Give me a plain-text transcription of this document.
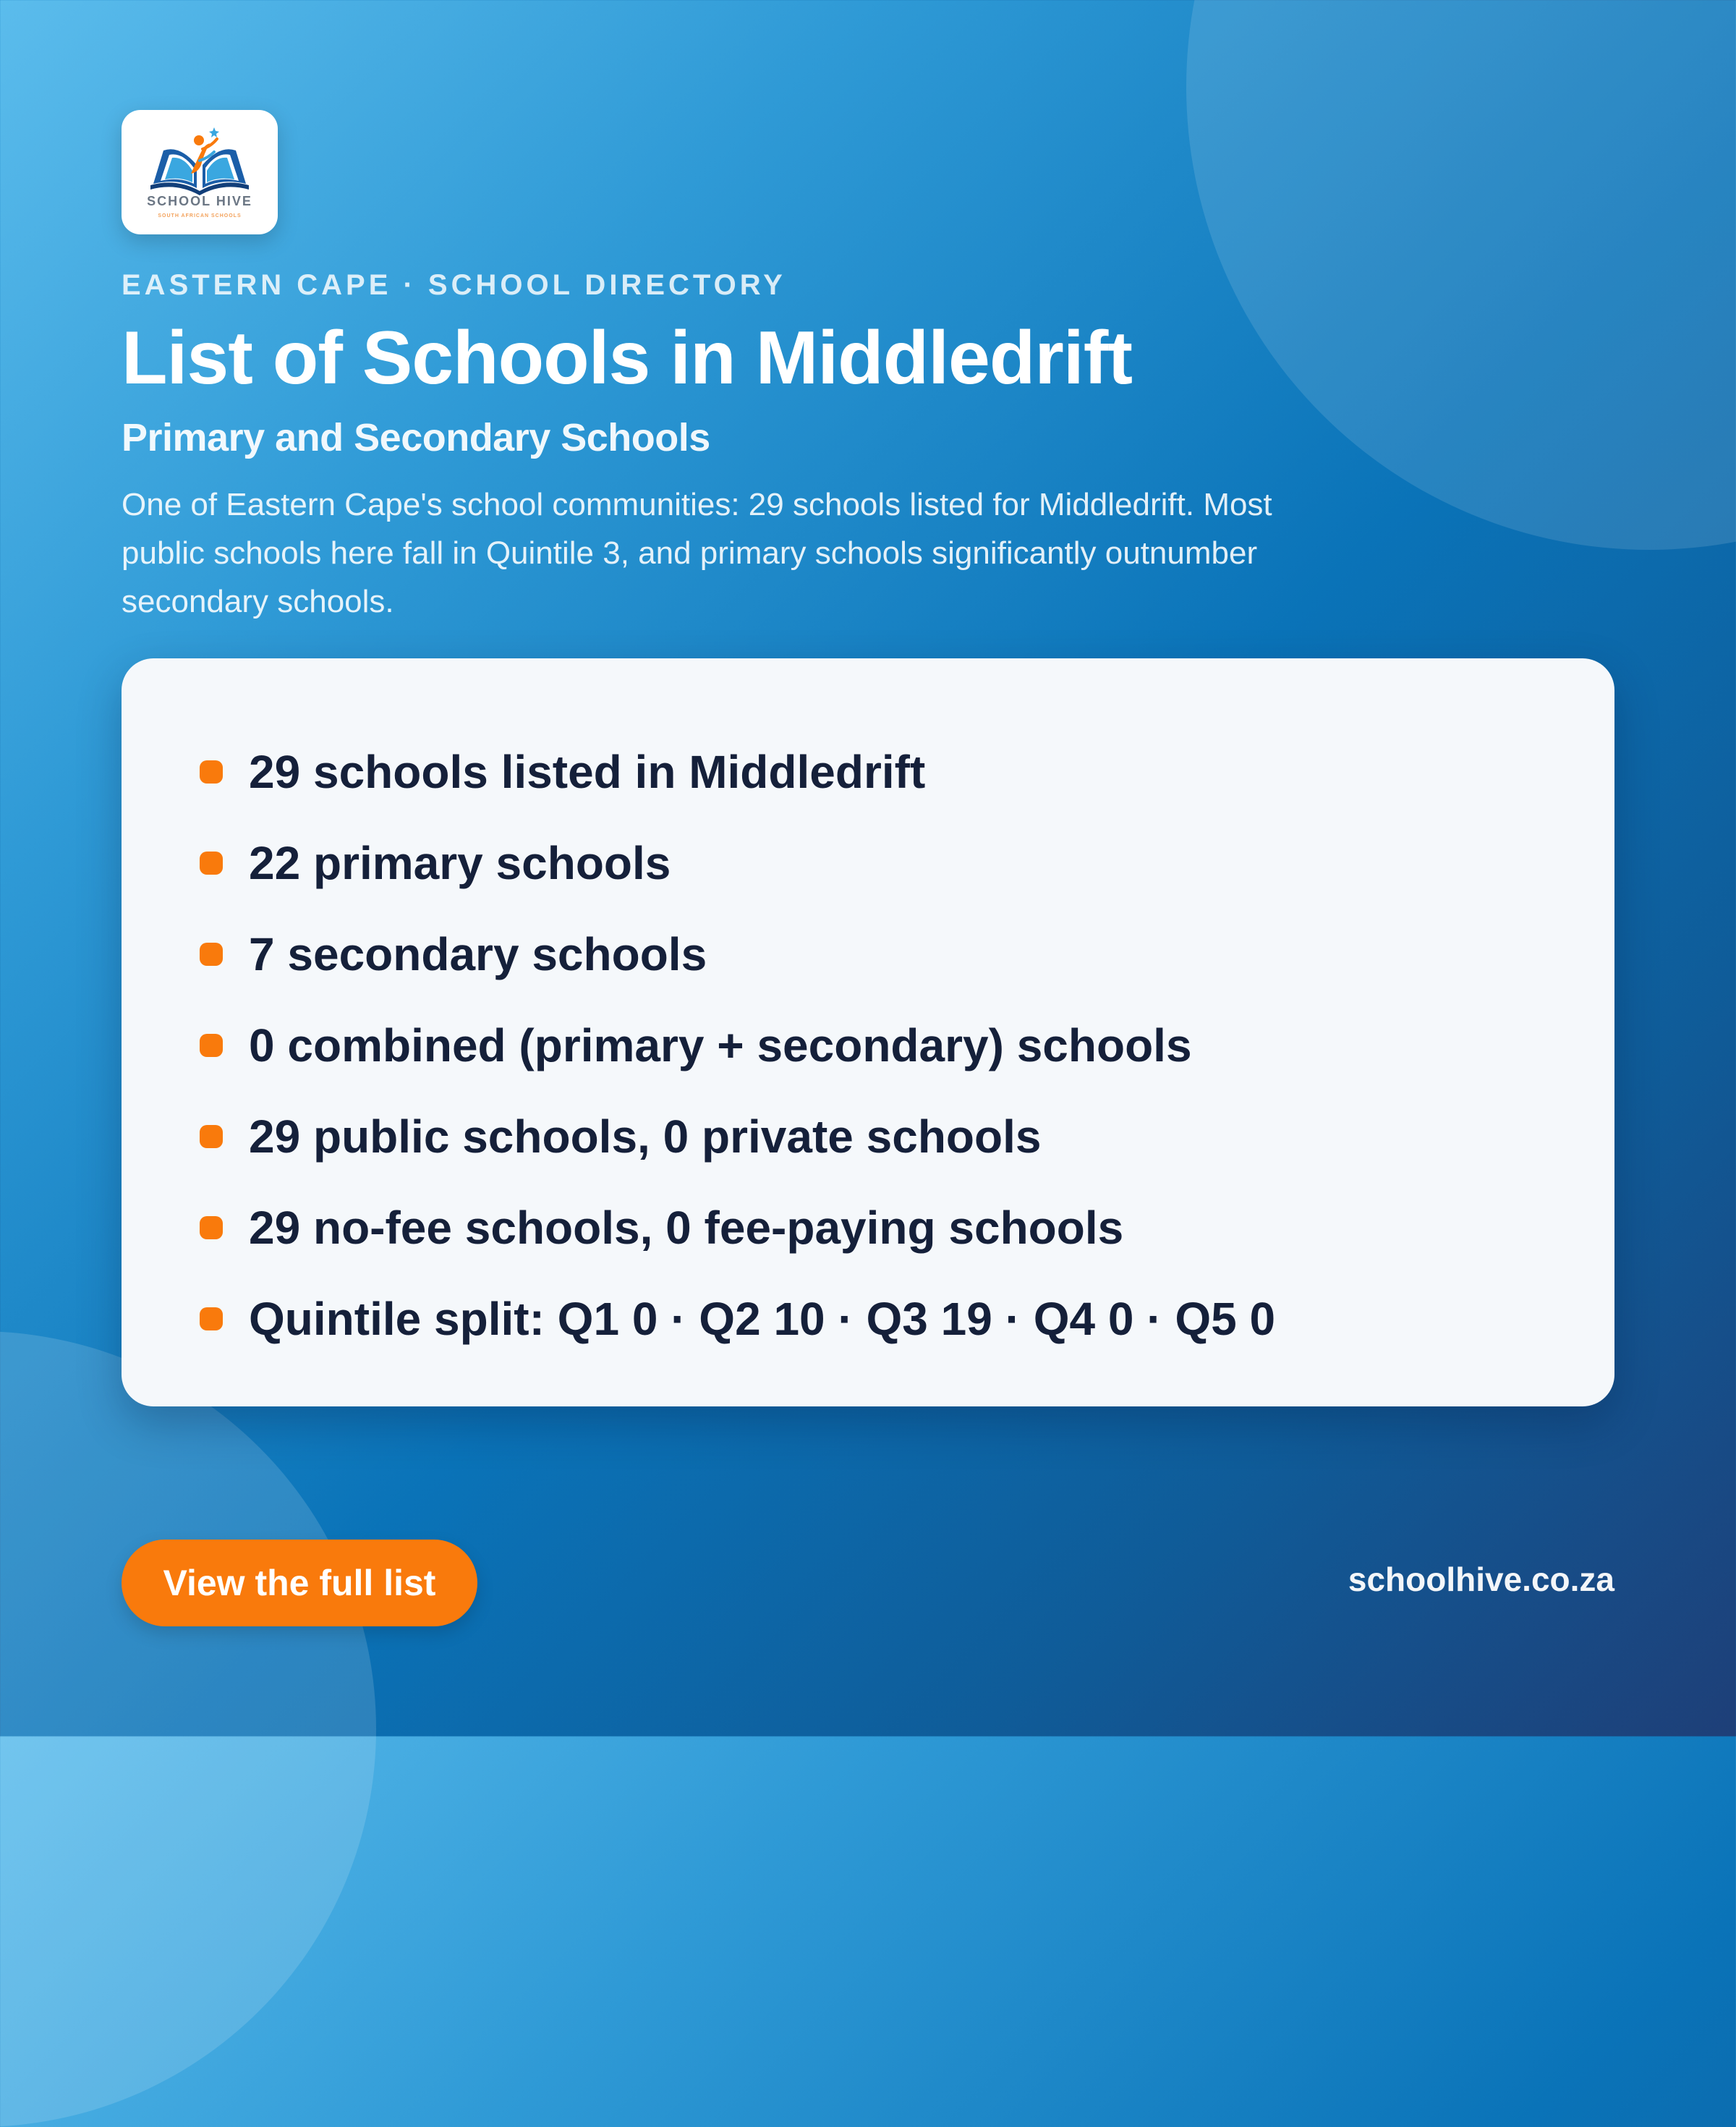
SCHOOL HIVE
SOUTH AFRICAN SCHOOLS
EASTERN CAPE · SCHOOL DIRECTORY
List of Schools in Middledrift
Primary and Secondary Schools

One of Eastern Cape's school communities: 29 schools listed for Middledrift. Most public schools here fall in Quintile 3, and primary schools significantly outnumber secondary schools.

29 schools listed in Middledrift
22 primary schools
7 secondary schools
0 combined (primary + secondary) schools
29 public schools, 0 private schools
29 no-fee schools, 0 fee-paying schools
Quintile split: Q1 0 · Q2 10 · Q3 19 · Q4 0 · Q5 0
View the full list	schoolhive.co.za
